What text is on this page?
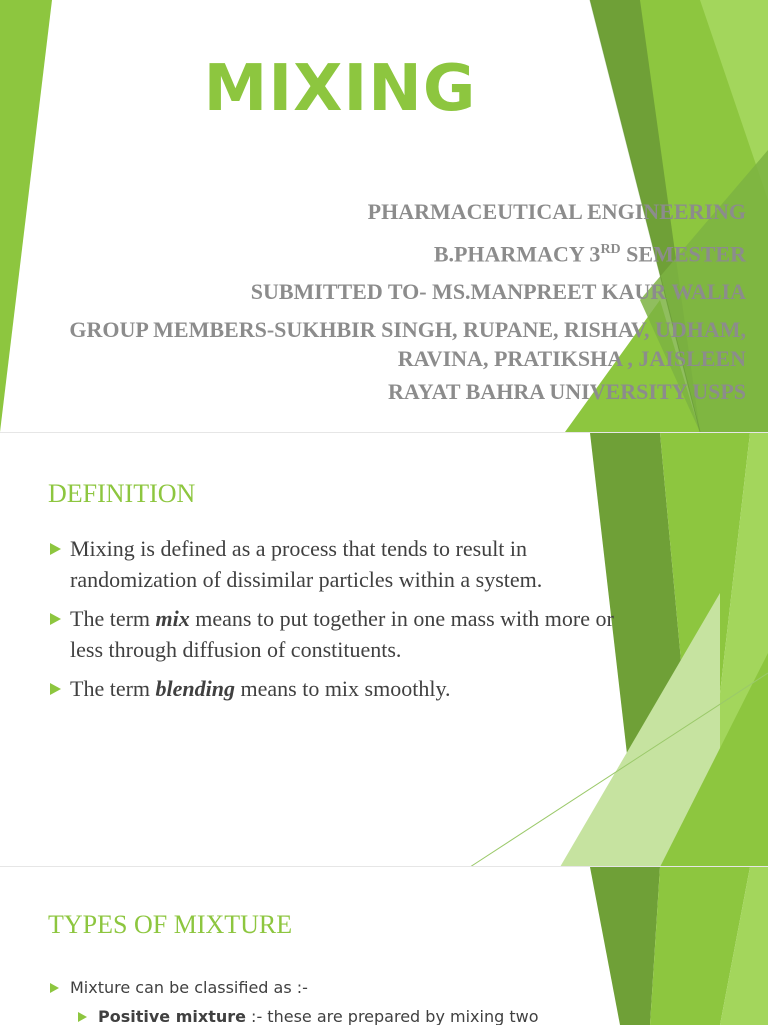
MIXING
PHARMACEUTICAL ENGINEERING
B.PHARMACY 3RD SEMESTER
SUBMITTED TO- MS.MANPREET KAUR WALIA
GROUP MEMBERS-SUKHBIR SINGH, RUPANE, RISHAV, UDHAM, RAVINA, PRATIKSHA , JAISLEEN
RAYAT BAHRA UNIVERSITY USPS
DEFINITION
Mixing is defined as a process that tends to result in randomization of dissimilar particles within a system.
The term mix means to put together in one mass with more or less through diffusion of constituents.
The term blending means to mix smoothly.
TYPES OF MIXTURE
Mixture can be classified as :-
Positive mixture :- these are prepared by mixing two
